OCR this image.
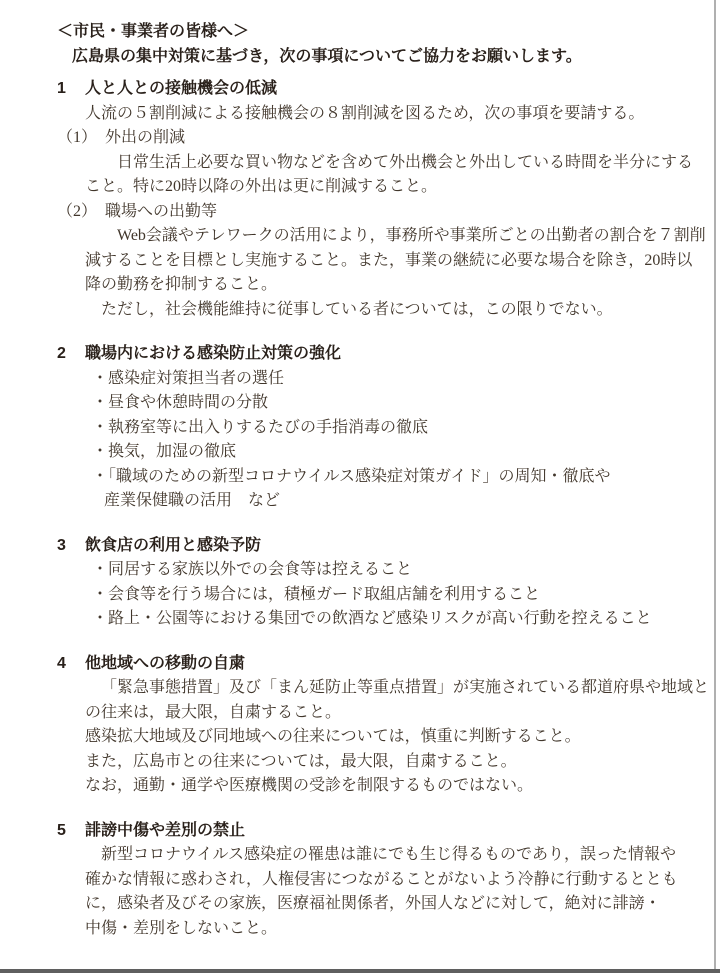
＜市民・事業者の皆様へ＞
広島県の集中対策に基づき，次の事項についてご協力をお願いします。
1	人と人との接触機会の低減
人流の５割削減による接触機会の８割削減を図るため，次の事項を要請する。
（1）　外出の削減
日常生活上必要な買い物などを含めて外出機会と外出している時間を半分にする
こと。特に20時以降の外出は更に削減すること。
（2）　職場への出勤等
Web会議やテレワークの活用により，事務所や事業所ごとの出勤者の割合を７割削
減することを目標とし実施すること。また，事業の継続に必要な場合を除き，20時以
降の勤務を抑制すること。
ただし，社会機能維持に従事している者については，この限りでない。
2	職場内における感染防止対策の強化
・感染症対策担当者の選任
・昼食や休憩時間の分散
・執務室等に出入りするたびの手指消毒の徹底
・換気，加湿の徹底
・「職域のための新型コロナウイルス感染症対策ガイド」の周知・徹底や
産業保健職の活用　など
3	飲食店の利用と感染予防
・同居する家族以外での会食等は控えること
・会食等を行う場合には，積極ガード取組店舗を利用すること
・路上・公園等における集団での飲酒など感染リスクが高い行動を控えること
4	他地域への移動の自粛
「緊急事態措置」及び「まん延防止等重点措置」が実施されている都道府県や地域と
の往来は，最大限，自粛すること。
感染拡大地域及び同地域への往来については，慎重に判断すること。
また，広島市との往来については，最大限，自粛すること。
なお，通勤・通学や医療機関の受診を制限するものではない。
5	誹謗中傷や差別の禁止
新型コロナウイルス感染症の罹患は誰にでも生じ得るものであり，誤った情報や
確かな情報に惑わされ，人権侵害につながることがないよう冷静に行動するととも
に，感染者及びその家族，医療福祉関係者，外国人などに対して，絶対に誹謗・
中傷・差別をしないこと。
